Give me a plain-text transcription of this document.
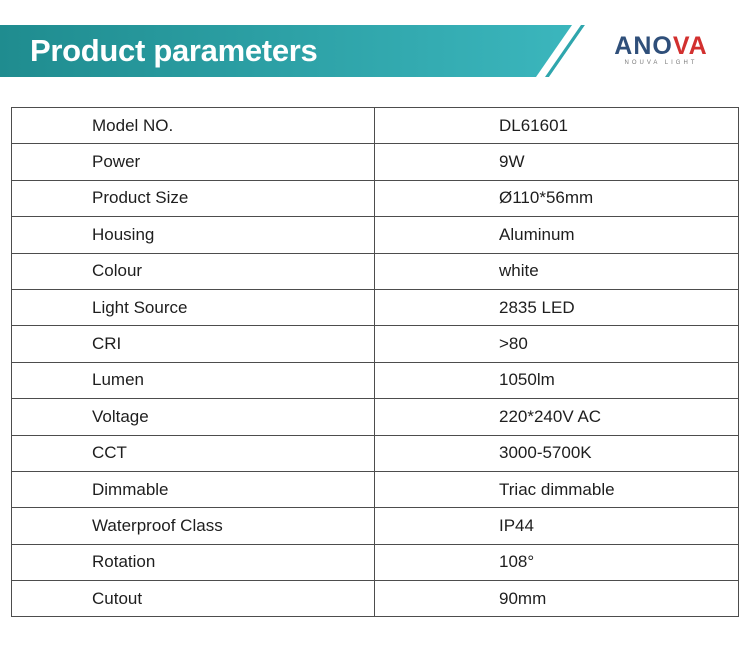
Product parameters	ANOVA
NOUVA LIGHT
Model NO.	DL61601
Power	9W
Product Size	Ø110*56mm
Housing	Aluminum
Colour	white
Light Source	2835 LED
CRI	>80
Lumen	1050lm
Voltage	220*240V AC
CCT	3000-5700K
Dimmable	Triac dimmable
Waterproof Class	IP44
Rotation	108°
Cutout	90mm
